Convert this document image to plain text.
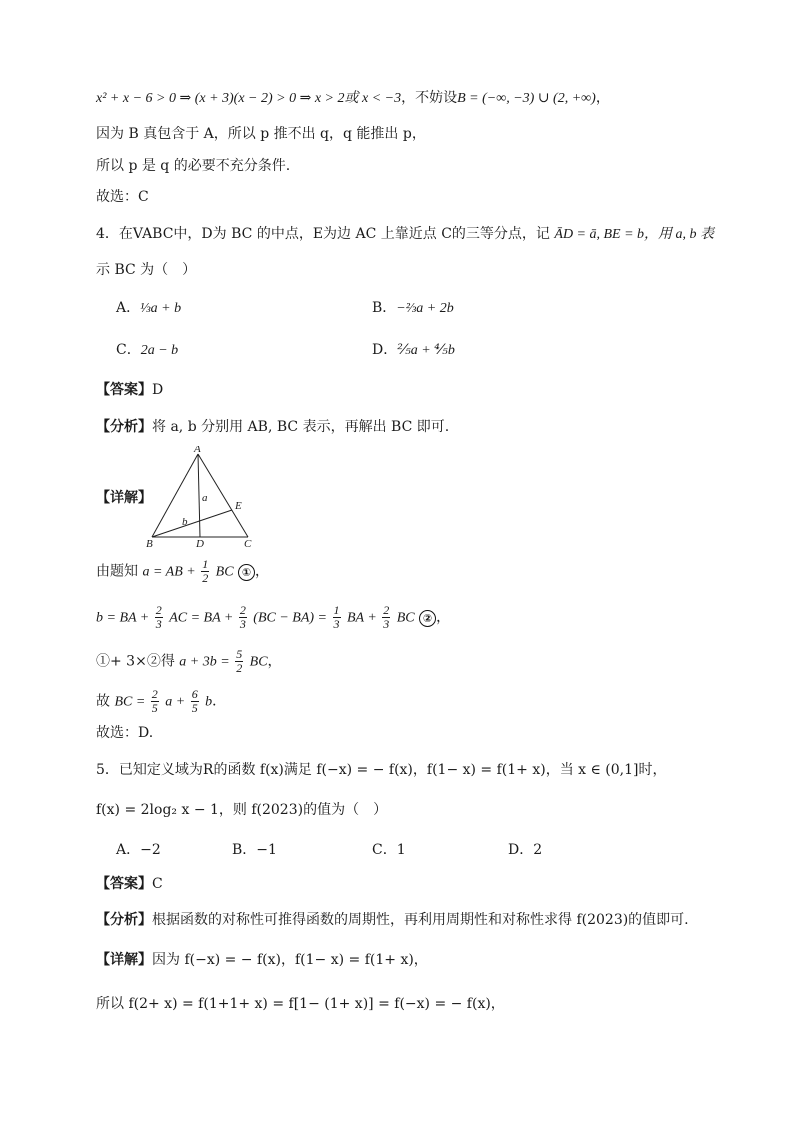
x² + x − 6 > 0 ⇒ (x + 3)(x − 2) > 0 ⇒ x > 2或 x < −3，不妨设B = (−∞, −3) ∪ (2, +∞)，
因为 B 真包含于 A，所以 p 推不出 q，q 能推出 p，
所以 p 是 q 的必要不充分条件.
故选：C
4．在VABC中，D为 BC 的中点，E为边 AC 上靠近点 C的三等分点，记 ĀD = ā, BE = b，用 a, b 表
示 BC 为（　）
A．⅓a + b	B．−⅔a + 2b
C．2a − b	D．⅖a + ⅘b
【答案】D
【分析】将 a, b 分别用 AB, BC 表示，再解出 BC 即可.
【详解】
A
B	C
D
E
a
b
由题知 a = AB + $\frac{1}{2}$ BC ① ，
b = BA + $\frac{2}{3}$ AC = BA + $\frac{2}{3} (BC - BA) = \frac{1}{3}$ BA + $\frac{2}{3}$ BC ② ，
①+ 3×②得 $a + 3b = \frac{5}{2}$ BC，
故 BC = $\frac{2}{5}$ $a + \frac{6}{5}$ b．
故选：D.
5．已知定义域为R的函数 f(x)满足 f(−x) = − f(x)，f(1− x) = f(1+ x)，当 x ∈ (0,1]时，
f(x) = 2log₂ x − 1，则 f(2023)的值为（　）
A．−2	B．−1	C．1	D．2
【答案】C
【分析】根据函数的对称性可推得函数的周期性，再利用周期性和对称性求得 f(2023)的值即可.
【详解】因为 f(−x) = − f(x)，f(1− x) = f(1+ x)，
所以 f(2+ x) = f(1+1+ x) = f[1− (1+ x)] = f(−x) = − f(x)，
